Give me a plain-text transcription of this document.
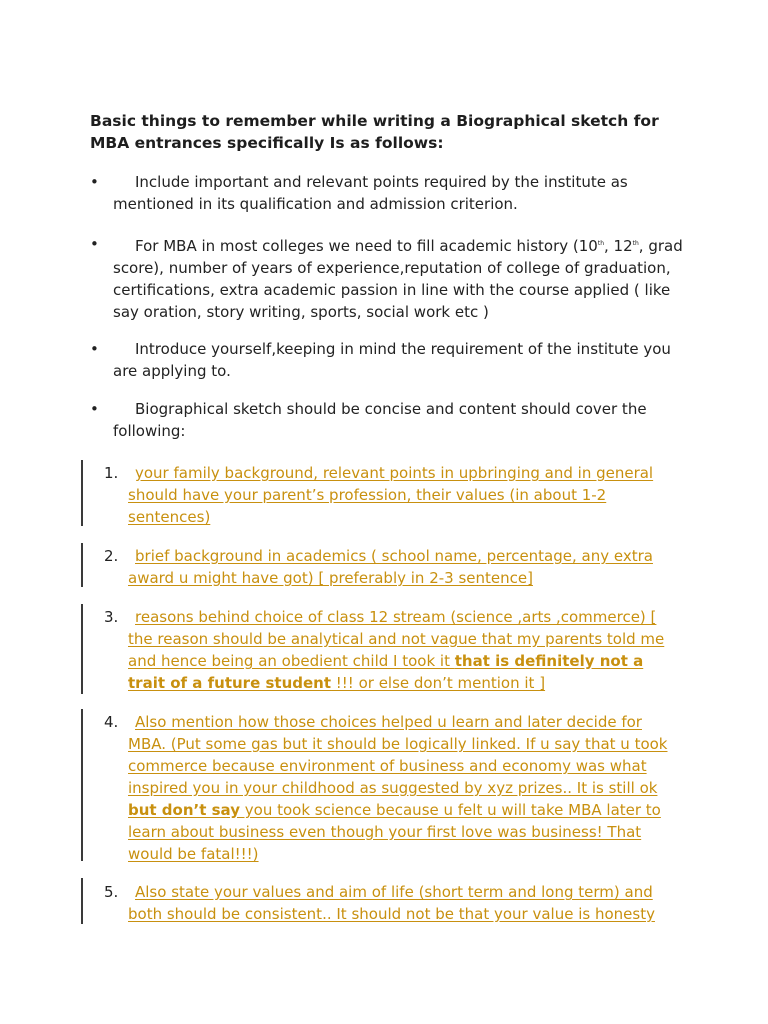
Basic things to remember while writing a Biographical sketch for
MBA entrances specifically Is as follows:
•	Include important and relevant points required by the institute as mentioned in its qualification and admission criterion.
•	For MBA in most colleges we need to fill academic history (10th, 12th, grad score), number of years of experience,reputation of college of graduation, certifications, extra academic passion in line with the course applied ( like say oration, story writing, sports, social work etc )
•	Introduce yourself,keeping in mind the requirement of the institute you are applying to.
•	Biographical sketch should be concise and content should cover the following:
1.	your family background, relevant points in upbringing and in general should have your parent’s profession, their values (in about 1-2 sentences)
2.	brief background in academics ( school name, percentage, any extra award u might have got) [ preferably in 2-3 sentence]
3.	reasons behind choice of class 12 stream (science ,arts ,commerce) [ the reason should be analytical and not vague that my parents told me and hence being an obedient child I took it that is definitely not a trait of a future student !!! or else don’t mention it ]
4.	Also mention how those choices helped u learn and later decide for MBA. (Put some gas but it should be logically linked. If u say that u took commerce because environment of business and economy was what inspired you in your childhood as suggested by xyz prizes.. It is still ok but don’t say you took science because u felt u will take MBA later to learn about business even though your first love was business! That would be fatal!!!)
5.	Also state your values and aim of life (short term and long term) and both should be consistent.. It should not be that your value is honesty
